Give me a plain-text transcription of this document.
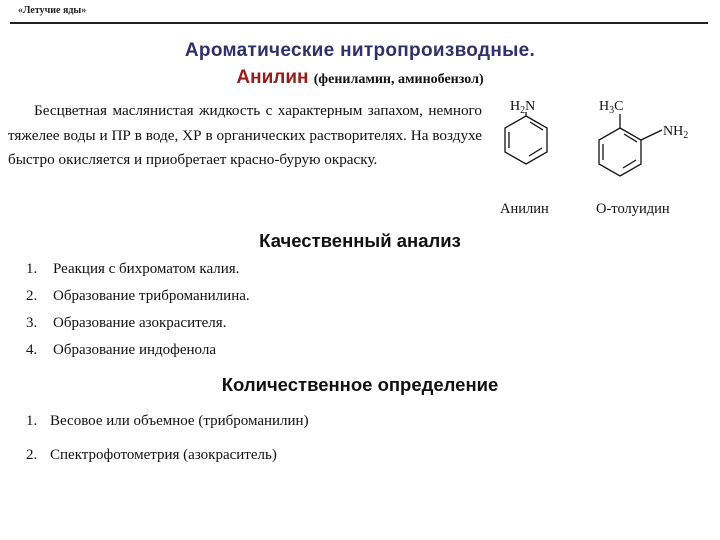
«Летучие яды»
Ароматические нитропроизводные.
Анилин (фениламин, аминобензол)

Бесцветная маслянистая жидкость с характерным запахом, немного тяжелее воды и ПР в воде, ХР в органических растворителях. На воздухе быстро окисляется и приобретает красно-бурую окраску.

$H_2N$	$H_3C$
$NH_2$
Анилин	О-толуидин
Качественный анализ
1.	Реакция с бихроматом калия.
2.	Образование триброманилина.
3.	Образование азокрасителя.
4.	Образование индофенола
Количественное определение
1. Весовое или объемное (триброманилин)
2. Спектрофотометрия (азокраситель)
